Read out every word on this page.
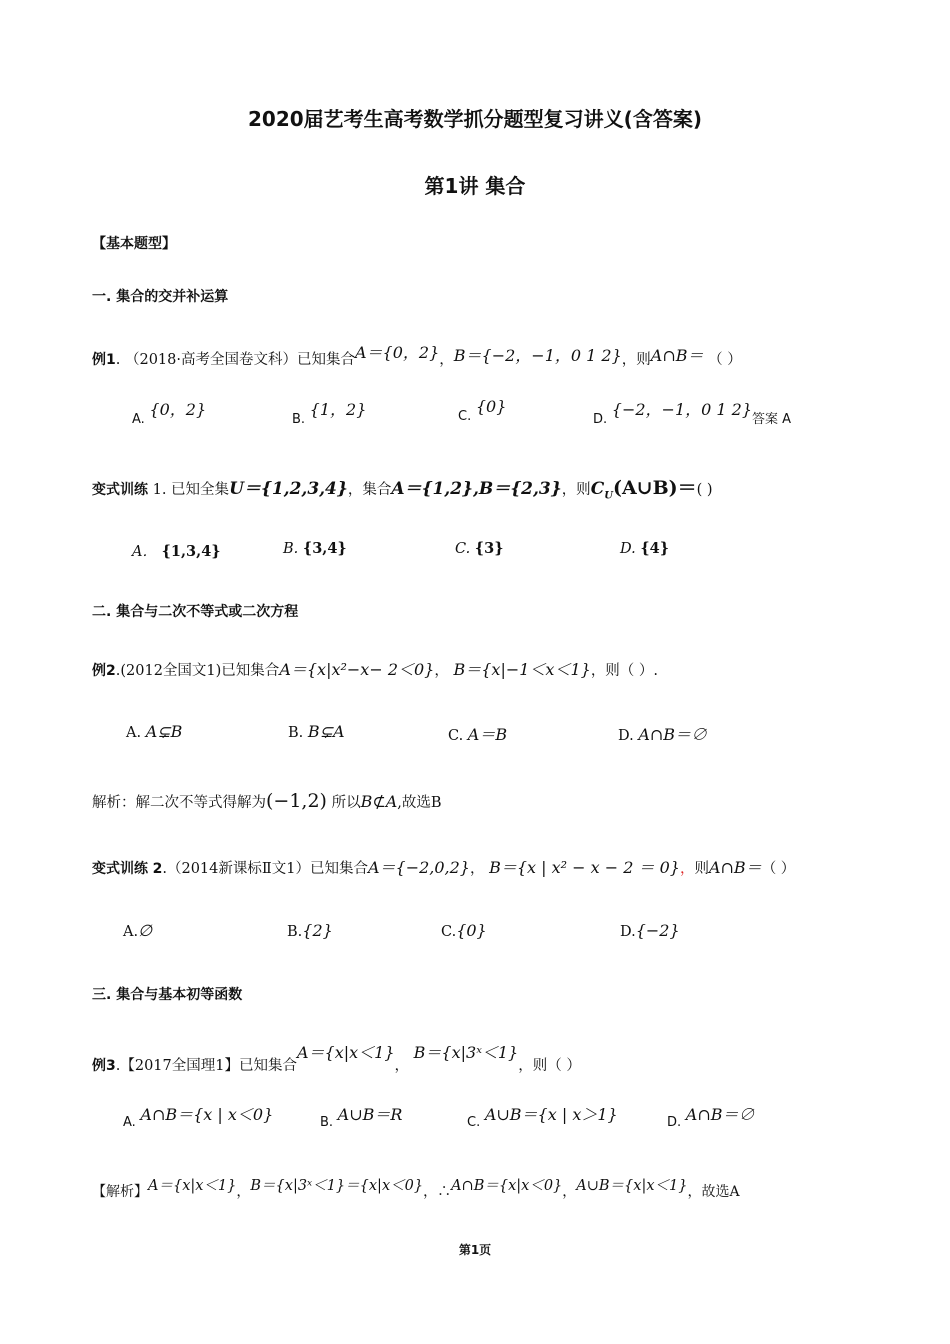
2020届艺考生高考数学抓分题型复习讲义(含答案)
第1讲 集合
【基本题型】
一. 集合的交并补运算
例1. （2018·高考全国卷文科）已知集合A＝{0，2}，B＝{−2，−1，0 1 2}，则A∩B＝ （ ）
A. {0，2}
B. {1，2}	C. {0}
D. {−2，−1，0 1 2}答案 A
变式训练 1. 已知全集U＝{1,2,3,4}，集合A＝{1,2},B＝{2,3}，则$C_U(A\cup B)=$( )
A． {1,3,4}	B. {3,4}	C. {3}	D. {4}
二. 集合与二次不等式或二次方程
例2.(2012全国文1)已知集合A＝{x|x²−x− 2＜0}， B＝{x|−1＜x＜1}，则（ ）.
A. A⊊B	B. B⊊A	C. A＝B	D. A∩B＝∅
解析：解二次不等式得解为(−1,2) 所以B⊄A,故选B
变式训练 2.（2014新课标Ⅱ文1）已知集合A＝{−2,0,2}， B＝{x | x² − x − 2 ＝ 0}，则A∩B＝（ ）
A.∅	B.{2}	C.{0}	D.{−2}
三. 集合与基本初等函数
例3.【2017全国理1】已知集合A＝{x|x＜1}， B＝{x|3ˣ＜1}，则（ ）
A. A∩B＝{x | x＜0}	B. A∪B＝R	C. A∪B＝{x | x＞1}	D. A∩B＝∅
【解析】A＝{x|x＜1}，B＝{x|3ˣ＜1}＝{x|x＜0}，∴A∩B＝{x|x＜0}，A∪B＝{x|x＜1}，故选A
第1页
